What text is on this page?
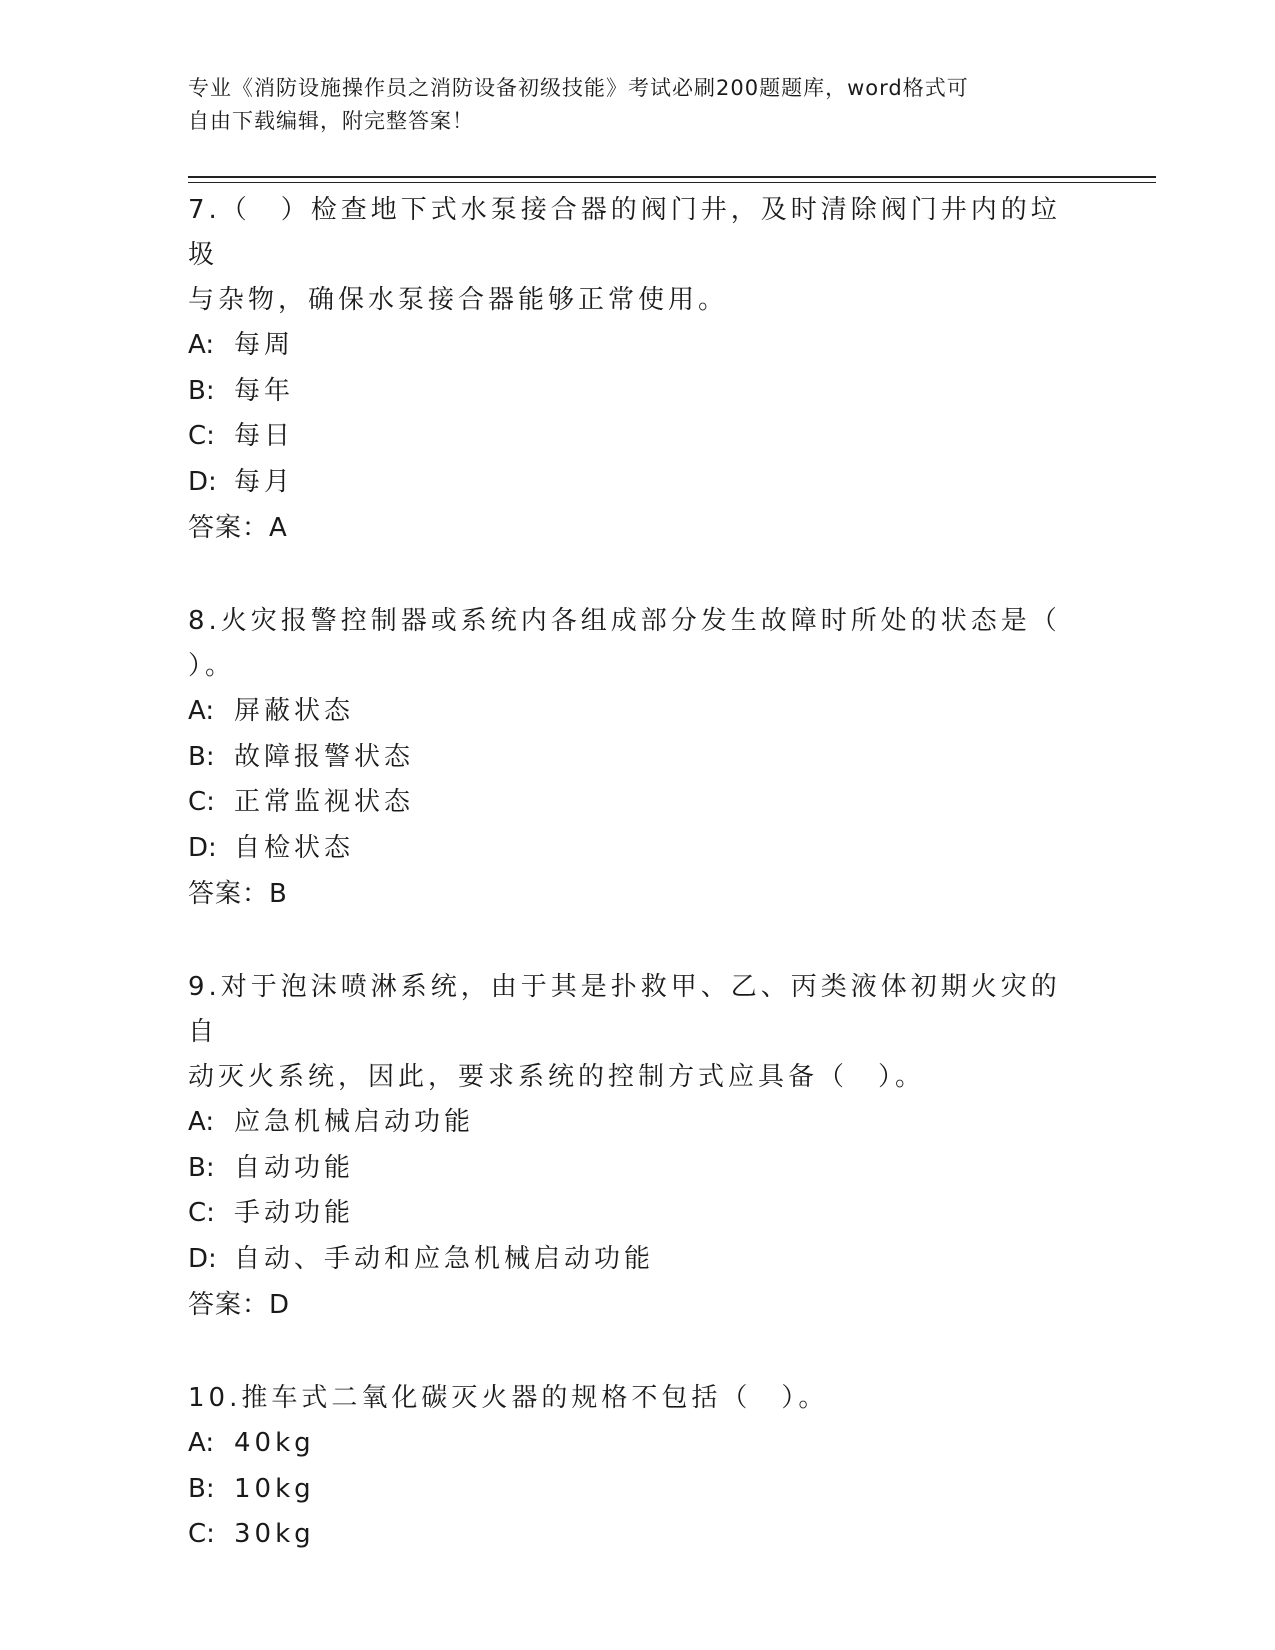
专业《消防设施操作员之消防设备初级技能》考试必刷200题题库，word格式可
自由下载编辑，附完整答案！

7.（　）检查地下式水泵接合器的阀门井，及时清除阀门井内的垃圾

与杂物，确保水泵接合器能够正常使用。

A: 每周

B: 每年

C: 每日

D: 每月

答案：A

8.火灾报警控制器或系统内各组成部分发生故障时所处的状态是（

）。

A: 屏蔽状态

B: 故障报警状态

C: 正常监视状态

D: 自检状态

答案：B

9.对于泡沫喷淋系统，由于其是扑救甲、乙、丙类液体初期火灾的自

动灭火系统，因此，要求系统的控制方式应具备（　）。

A: 应急机械启动功能

B: 自动功能

C: 手动功能

D: 自动、手动和应急机械启动功能

答案：D

10.推车式二氧化碳灭火器的规格不包括（　）。

A: 40kg

B: 10kg

C: 30kg
